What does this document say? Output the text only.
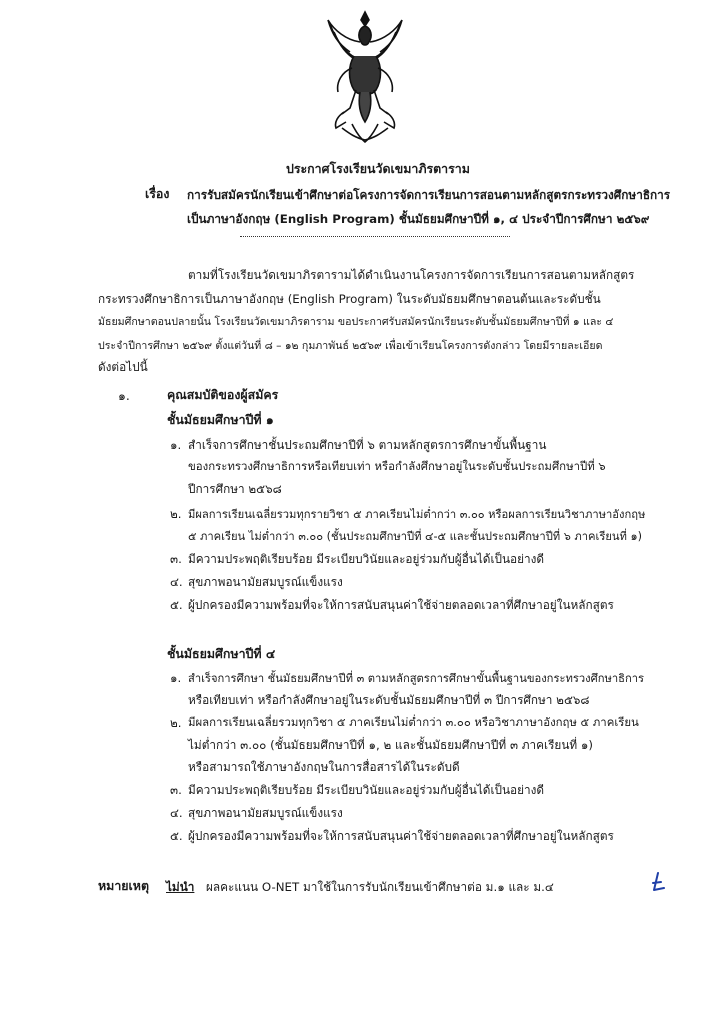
ประกาศโรงเรียนวัดเขมาภิรตาราม
เรื่อง การรับสมัครนักเรียนเข้าศึกษาต่อโครงการจัดการเรียนการสอนตามหลักสูตรกระทรวงศึกษาธิการ
เป็นภาษาอังกฤษ (English Program) ชั้นมัธยมศึกษาปีที่ ๑, ๔ ประจำปีการศึกษา ๒๕๖๙
ตามที่โรงเรียนวัดเขมาภิรตารามได้ดำเนินงานโครงการจัดการเรียนการสอนตามหลักสูตร
กระทรวงศึกษาธิการเป็นภาษาอังกฤษ (English Program) ในระดับมัธยมศึกษาตอนต้นและระดับชั้น
มัธยมศึกษาตอนปลายนั้น โรงเรียนวัดเขมาภิรตาราม ขอประกาศรับสมัครนักเรียนระดับชั้นมัธยมศึกษาปีที่ ๑ และ ๔
ประจำปีการศึกษา ๒๕๖๙ ตั้งแต่วันที่ ๘ – ๑๒ กุมภาพันธ์ ๒๕๖๙ เพื่อเข้าเรียนโครงการดังกล่าว โดยมีรายละเอียด
ดังต่อไปนี้
๑.	คุณสมบัติของผู้สมัคร
ชั้นมัธยมศึกษาปีที่ ๑
๑. สำเร็จการศึกษาชั้นประถมศึกษาปีที่ ๖ ตามหลักสูตรการศึกษาขั้นพื้นฐาน
ของกระทรวงศึกษาธิการหรือเทียบเท่า หรือกำลังศึกษาอยู่ในระดับชั้นประถมศึกษาปีที่ ๖
ปีการศึกษา ๒๕๖๘
๒. มีผลการเรียนเฉลี่ยรวมทุกรายวิชา ๕ ภาคเรียนไม่ต่ำกว่า ๓.๐๐ หรือผลการเรียนวิชาภาษาอังกฤษ
๕ ภาคเรียน ไม่ต่ำกว่า ๓.๐๐ (ชั้นประถมศึกษาปีที่ ๔-๕ และชั้นประถมศึกษาปีที่ ๖ ภาคเรียนที่ ๑)
๓. มีความประพฤติเรียบร้อย มีระเบียบวินัยและอยู่ร่วมกับผู้อื่นได้เป็นอย่างดี
๔. สุขภาพอนามัยสมบูรณ์แข็งแรง
๕. ผู้ปกครองมีความพร้อมที่จะให้การสนับสนุนค่าใช้จ่ายตลอดเวลาที่ศึกษาอยู่ในหลักสูตร
ชั้นมัธยมศึกษาปีที่ ๔
๑. สำเร็จการศึกษา ชั้นมัธยมศึกษาปีที่ ๓ ตามหลักสูตรการศึกษาขั้นพื้นฐานของกระทรวงศึกษาธิการ
หรือเทียบเท่า หรือกำลังศึกษาอยู่ในระดับชั้นมัธยมศึกษาปีที่ ๓ ปีการศึกษา ๒๕๖๘
๒. มีผลการเรียนเฉลี่ยรวมทุกวิชา ๕ ภาคเรียนไม่ต่ำกว่า ๓.๐๐ หรือวิชาภาษาอังกฤษ ๕ ภาคเรียน
ไม่ต่ำกว่า ๓.๐๐ (ชั้นมัธยมศึกษาปีที่ ๑, ๒ และชั้นมัธยมศึกษาปีที่ ๓ ภาคเรียนที่ ๑)
หรือสามารถใช้ภาษาอังกฤษในการสื่อสารได้ในระดับดี
๓. มีความประพฤติเรียบร้อย มีระเบียบวินัยและอยู่ร่วมกับผู้อื่นได้เป็นอย่างดี
๔. สุขภาพอนามัยสมบูรณ์แข็งแรง
๕. ผู้ปกครองมีความพร้อมที่จะให้การสนับสนุนค่าใช้จ่ายตลอดเวลาที่ศึกษาอยู่ในหลักสูตร
หมายเหตุ ไม่นำ ผลคะแนน O-NET มาใช้ในการรับนักเรียนเข้าศึกษาต่อ ม.๑ และ ม.๔
